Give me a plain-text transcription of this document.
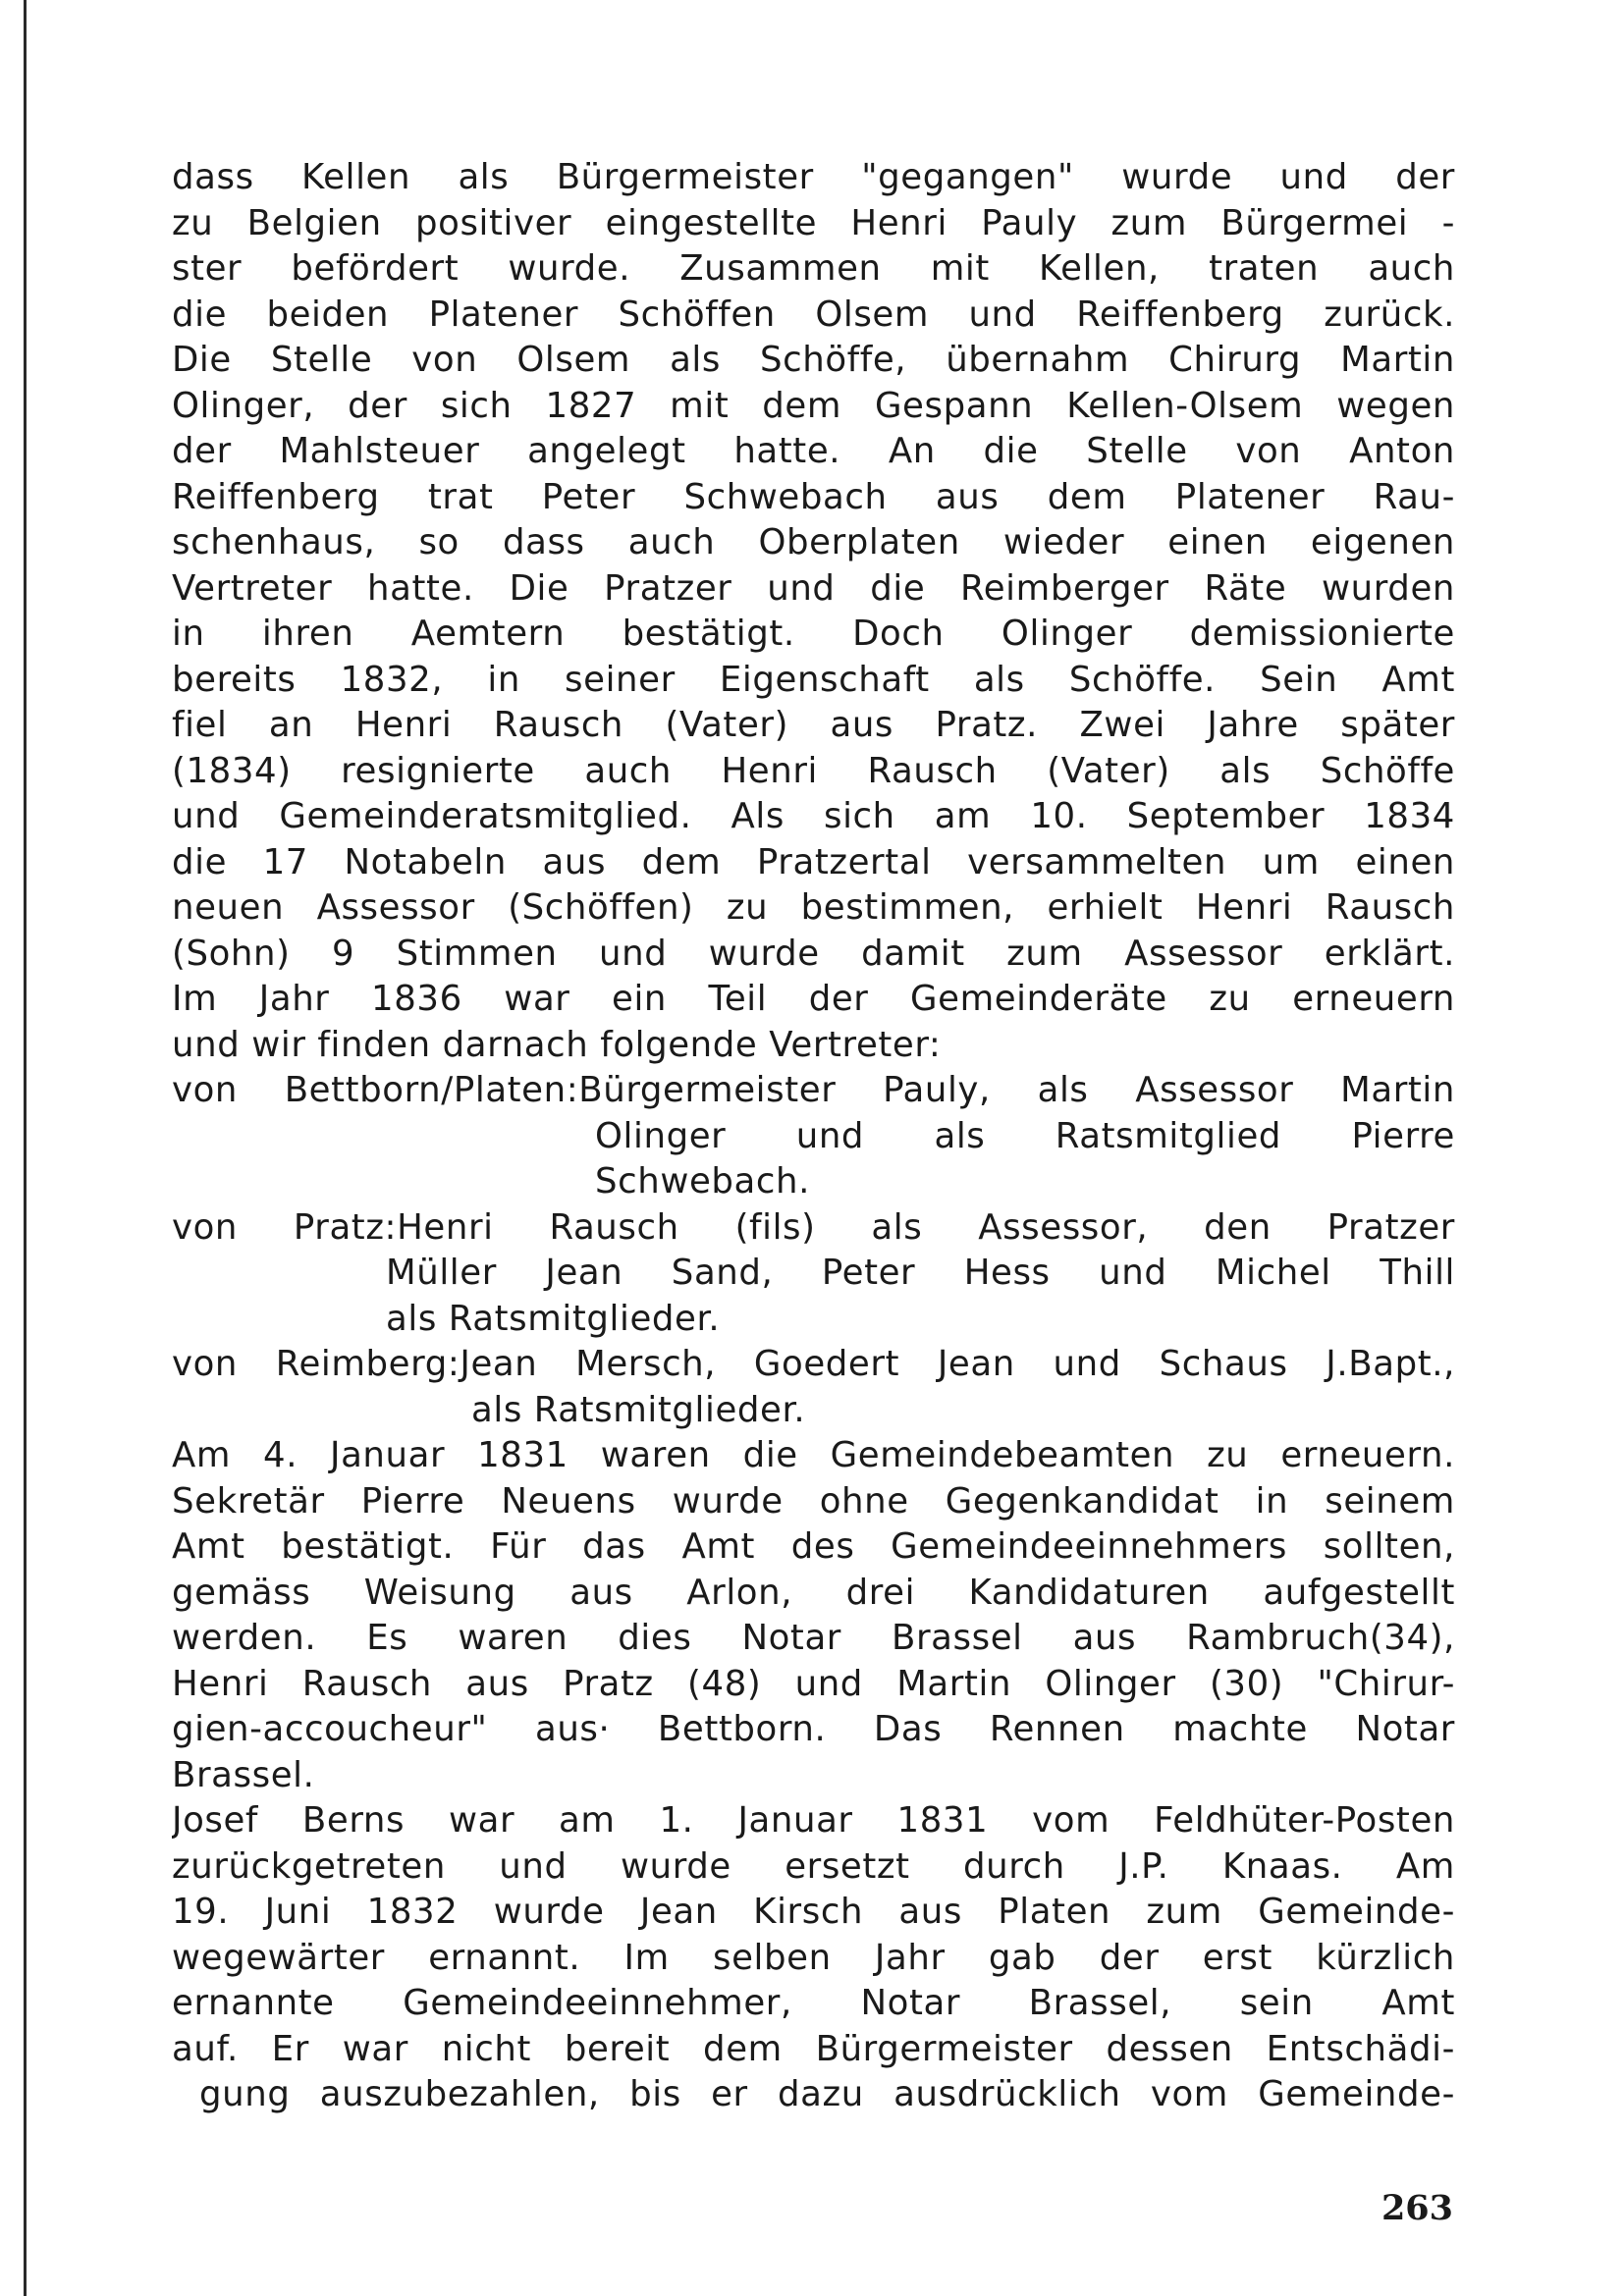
dass Kellen als Bürgermeister "gegangen" wurde und der
zu Belgien positiver eingestellte Henri Pauly zum Bürgermei -
ster befördert wurde. Zusammen mit Kellen, traten auch
die beiden Platener Schöffen Olsem und Reiffenberg zurück.
Die Stelle von Olsem als Schöffe, übernahm Chirurg Martin
Olinger, der sich 1827 mit dem Gespann Kellen-Olsem wegen
der Mahlsteuer angelegt hatte. An die Stelle von Anton
Reiffenberg trat Peter Schwebach aus dem Platener Rau-
schenhaus, so dass auch Oberplaten wieder einen eigenen
Vertreter hatte. Die Pratzer und die Reimberger Räte wurden
in ihren Aemtern bestätigt. Doch Olinger demissionierte
bereits 1832, in seiner Eigenschaft als Schöffe. Sein Amt
fiel an Henri Rausch (Vater) aus Pratz. Zwei Jahre später
(1834) resignierte auch Henri Rausch (Vater) als Schöffe
und Gemeinderatsmitglied. Als sich am 10. September 1834
die 17 Notabeln aus dem Pratzertal versammelten um einen
neuen Assessor (Schöffen) zu bestimmen, erhielt Henri Rausch
(Sohn) 9 Stimmen und wurde damit zum Assessor erklärt.
Im Jahr 1836 war ein Teil der Gemeinderäte zu erneuern
und wir finden darnach folgende Vertreter:
von Bettborn/Platen:Bürgermeister Pauly, als Assessor Martin
Olinger und als Ratsmitglied Pierre
Schwebach.
von Pratz:Henri Rausch (fils) als Assessor, den Pratzer
Müller Jean Sand, Peter Hess und Michel Thill
als Ratsmitglieder.
von Reimberg:Jean Mersch, Goedert Jean und Schaus J.Bapt.,
als Ratsmitglieder.
Am 4. Januar 1831 waren die Gemeindebeamten zu erneuern.
Sekretär Pierre Neuens wurde ohne Gegenkandidat in seinem
Amt bestätigt. Für das Amt des Gemeindeeinnehmers sollten,
gemäss Weisung aus Arlon, drei Kandidaturen aufgestellt
werden. Es waren dies Notar Brassel aus Rambruch(34),
Henri Rausch aus Pratz (48) und Martin Olinger (30) "Chirur-
gien-accoucheur" aus· Bettborn. Das Rennen machte Notar
Brassel.
Josef Berns war am 1. Januar 1831 vom Feldhüter-Posten
zurückgetreten und wurde ersetzt durch J.P. Knaas. Am
19. Juni 1832 wurde Jean Kirsch aus Platen zum Gemeinde-
wegewärter ernannt. Im selben Jahr gab der erst kürzlich
ernannte Gemeindeeinnehmer, Notar Brassel, sein Amt
auf. Er war nicht bereit dem Bürgermeister dessen Entschädi-
gung auszubezahlen, bis er dazu ausdrücklich vom Gemeinde-
263
